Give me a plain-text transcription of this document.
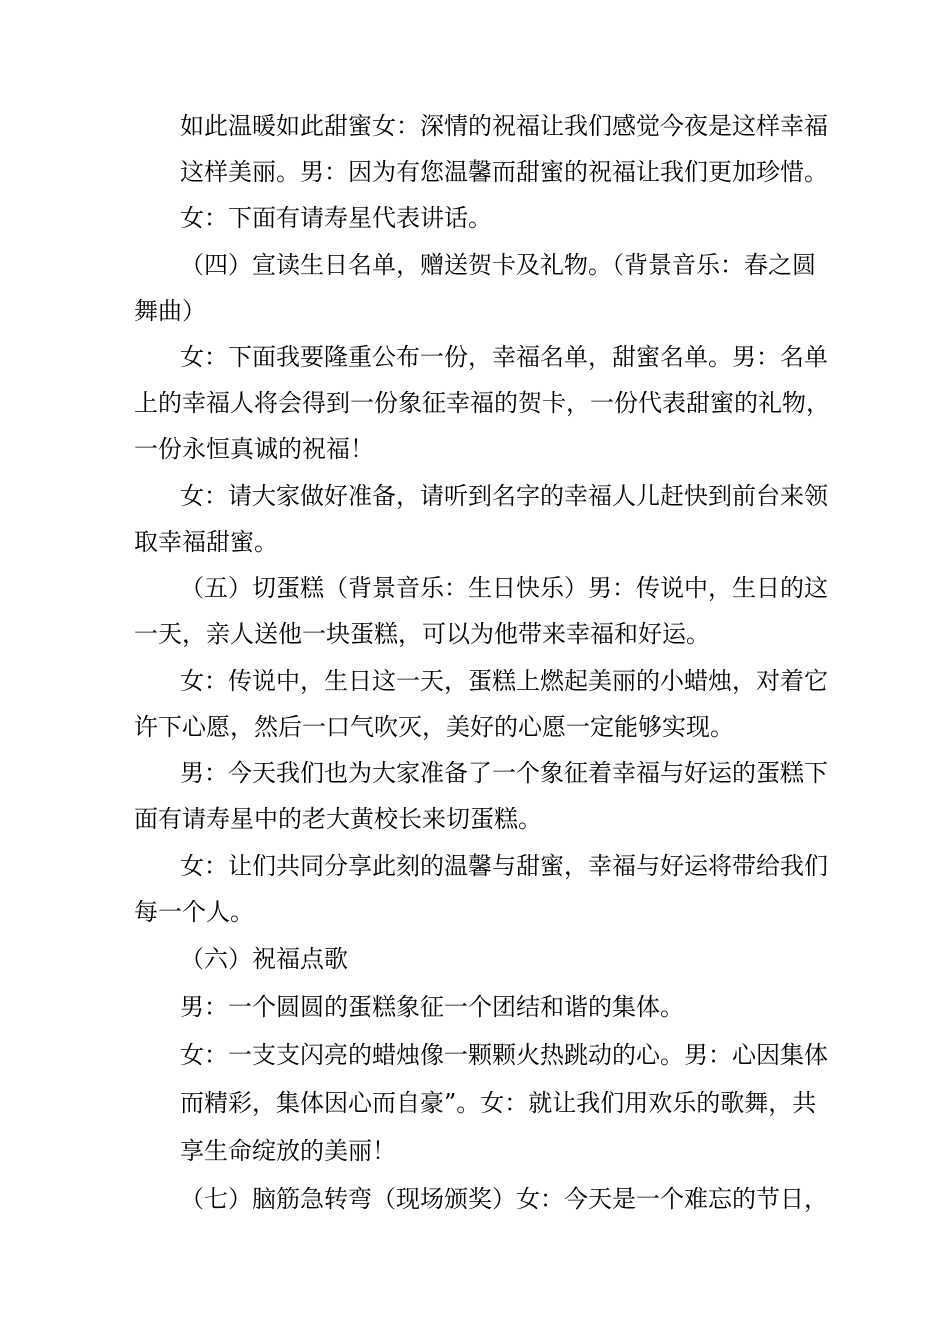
如此温暖如此甜蜜女：深情的祝福让我们感觉今夜是这样幸福
这样美丽。男：因为有您温馨而甜蜜的祝福让我们更加珍惜。
女：下面有请寿星代表讲话。
（四）宣读生日名单，赠送贺卡及礼物。（背景音乐：春之圆
舞曲）
女：下面我要隆重公布一份，幸福名单，甜蜜名单。男：名单
上的幸福人将会得到一份象征幸福的贺卡，一份代表甜蜜的礼物，
一份永恒真诚的祝福！
女：请大家做好准备，请听到名字的幸福人儿赶快到前台来领
取幸福甜蜜。
（五）切蛋糕（背景音乐：生日快乐）男：传说中，生日的这
一天，亲人送他一块蛋糕，可以为他带来幸福和好运。
女：传说中，生日这一天，蛋糕上燃起美丽的小蜡烛，对着它
许下心愿，然后一口气吹灭，美好的心愿一定能够实现。
男：今天我们也为大家准备了一个象征着幸福与好运的蛋糕下
面有请寿星中的老大黄校长来切蛋糕。
女：让们共同分享此刻的温馨与甜蜜，幸福与好运将带给我们
每一个人。
（六）祝福点歌
男：一个圆圆的蛋糕象征一个团结和谐的集体。
女：一支支闪亮的蜡烛像一颗颗火热跳动的心。男：心因集体
而精彩，集体因心而自豪”。女：就让我们用欢乐的歌舞，共
享生命绽放的美丽！
（七）脑筋急转弯（现场颁奖）女：今天是一个难忘的节日，
